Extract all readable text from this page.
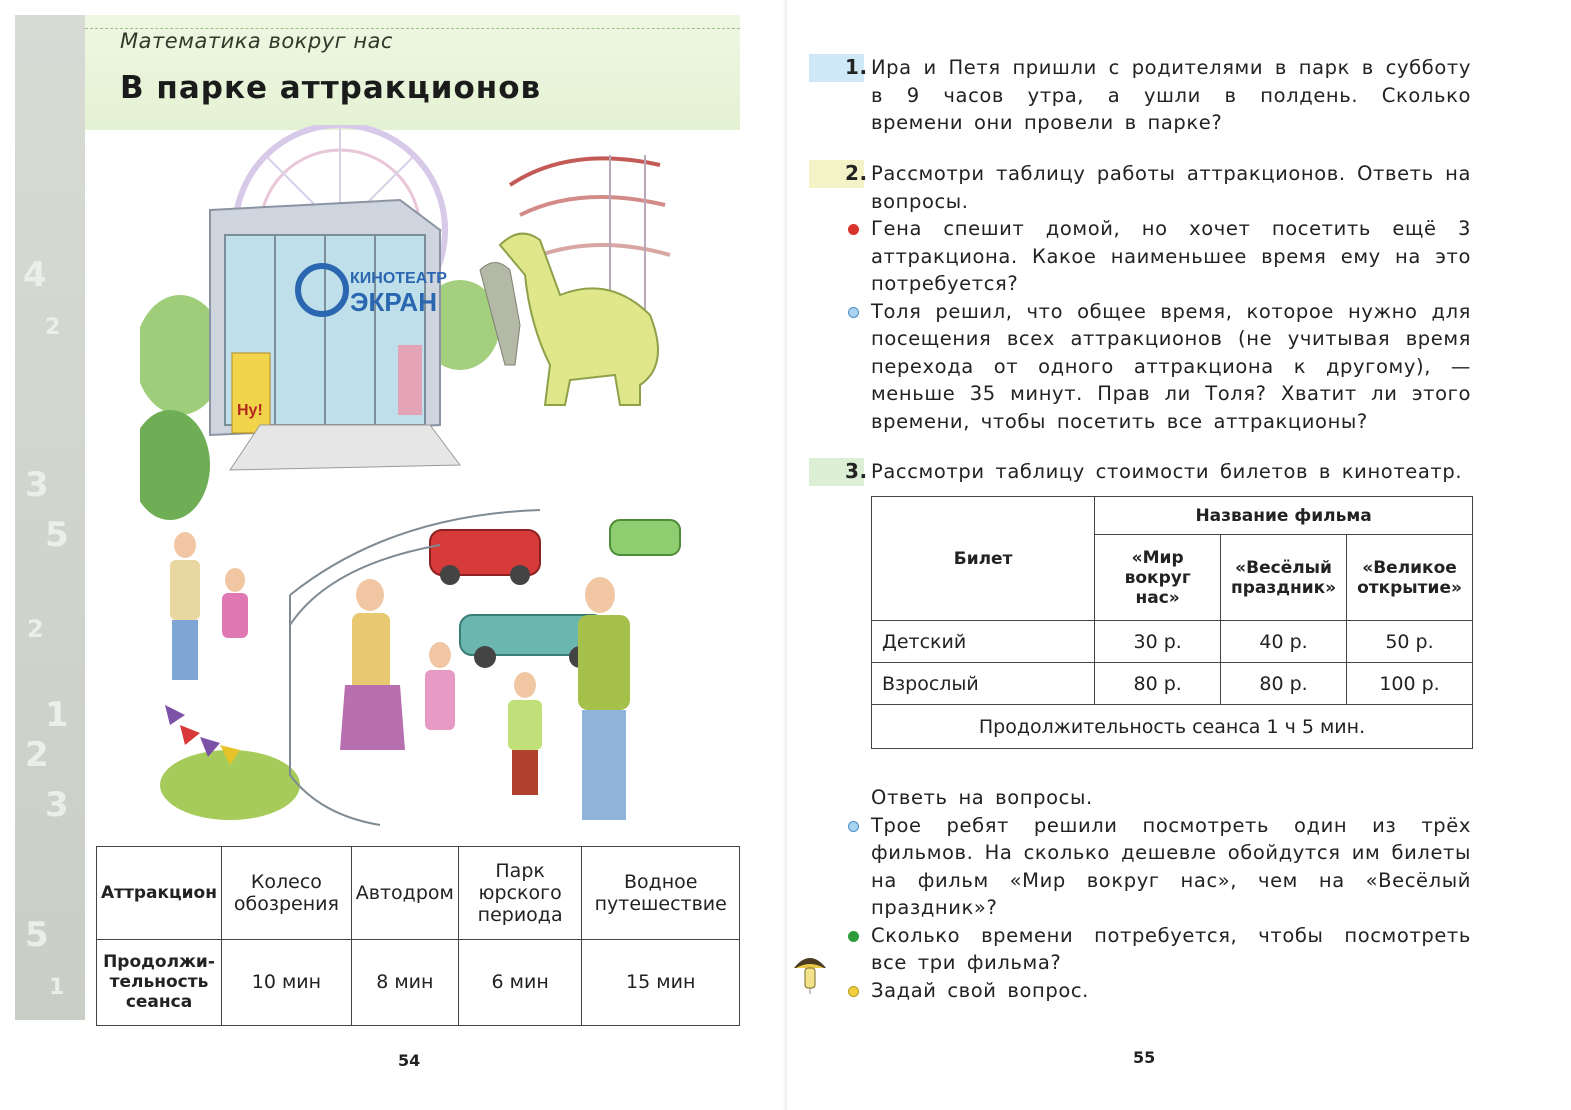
4
2
3
5
2
1
2
3
5
1
Математика вокруг нас
В парке аттракционов
КИНОТЕАТР
ЭКРАН
Ну!
Аттракцион	Колесо обозрения	Автодром	Парк юрского периода	Водное путешествие
Продолжи-тельность сеанса	10 мин	8 мин	6 мин	15 мин
54
1. Ира и Петя пришли с родителями в парк в субботу в 9 часов утра, а ушли в полдень. Сколько времени они провели в парке?

2. Рассмотри таблицу работы аттракционов. Ответь на вопросы.

Гена спешит домой, но хочет посетить ещё 3 аттракциона. Какое наименьшее время ему на это потребуется?

Толя решил, что общее время, которое нужно для посещения всех аттракционов (не учитывая время перехода от одного аттракциона к другому), — меньше 35 минут. Прав ли Толя? Хватит ли этого времени, чтобы посетить все аттракционы?

3. Рассмотри таблицу стоимости билетов в кинотеатр.

Ответь на вопросы.

Трое ребят решили посмотреть один из трёх фильмов. На сколько дешевле обойдутся им билеты на фильм «Мир вокруг нас», чем на «Весёлый праздник»?

Сколько времени потребуется, чтобы посмотреть все три фильма?

Задай свой вопрос.

55
Билет	Название фильма		
	«Мир вокруг нас»	«Весёлый праздник»	«Великое открытие»
Детский	30 р.	40 р.	50 р.
Взрослый	80 р.	80 р.	100 р.
Продолжительность сеанса 1 ч 5 мин.			
